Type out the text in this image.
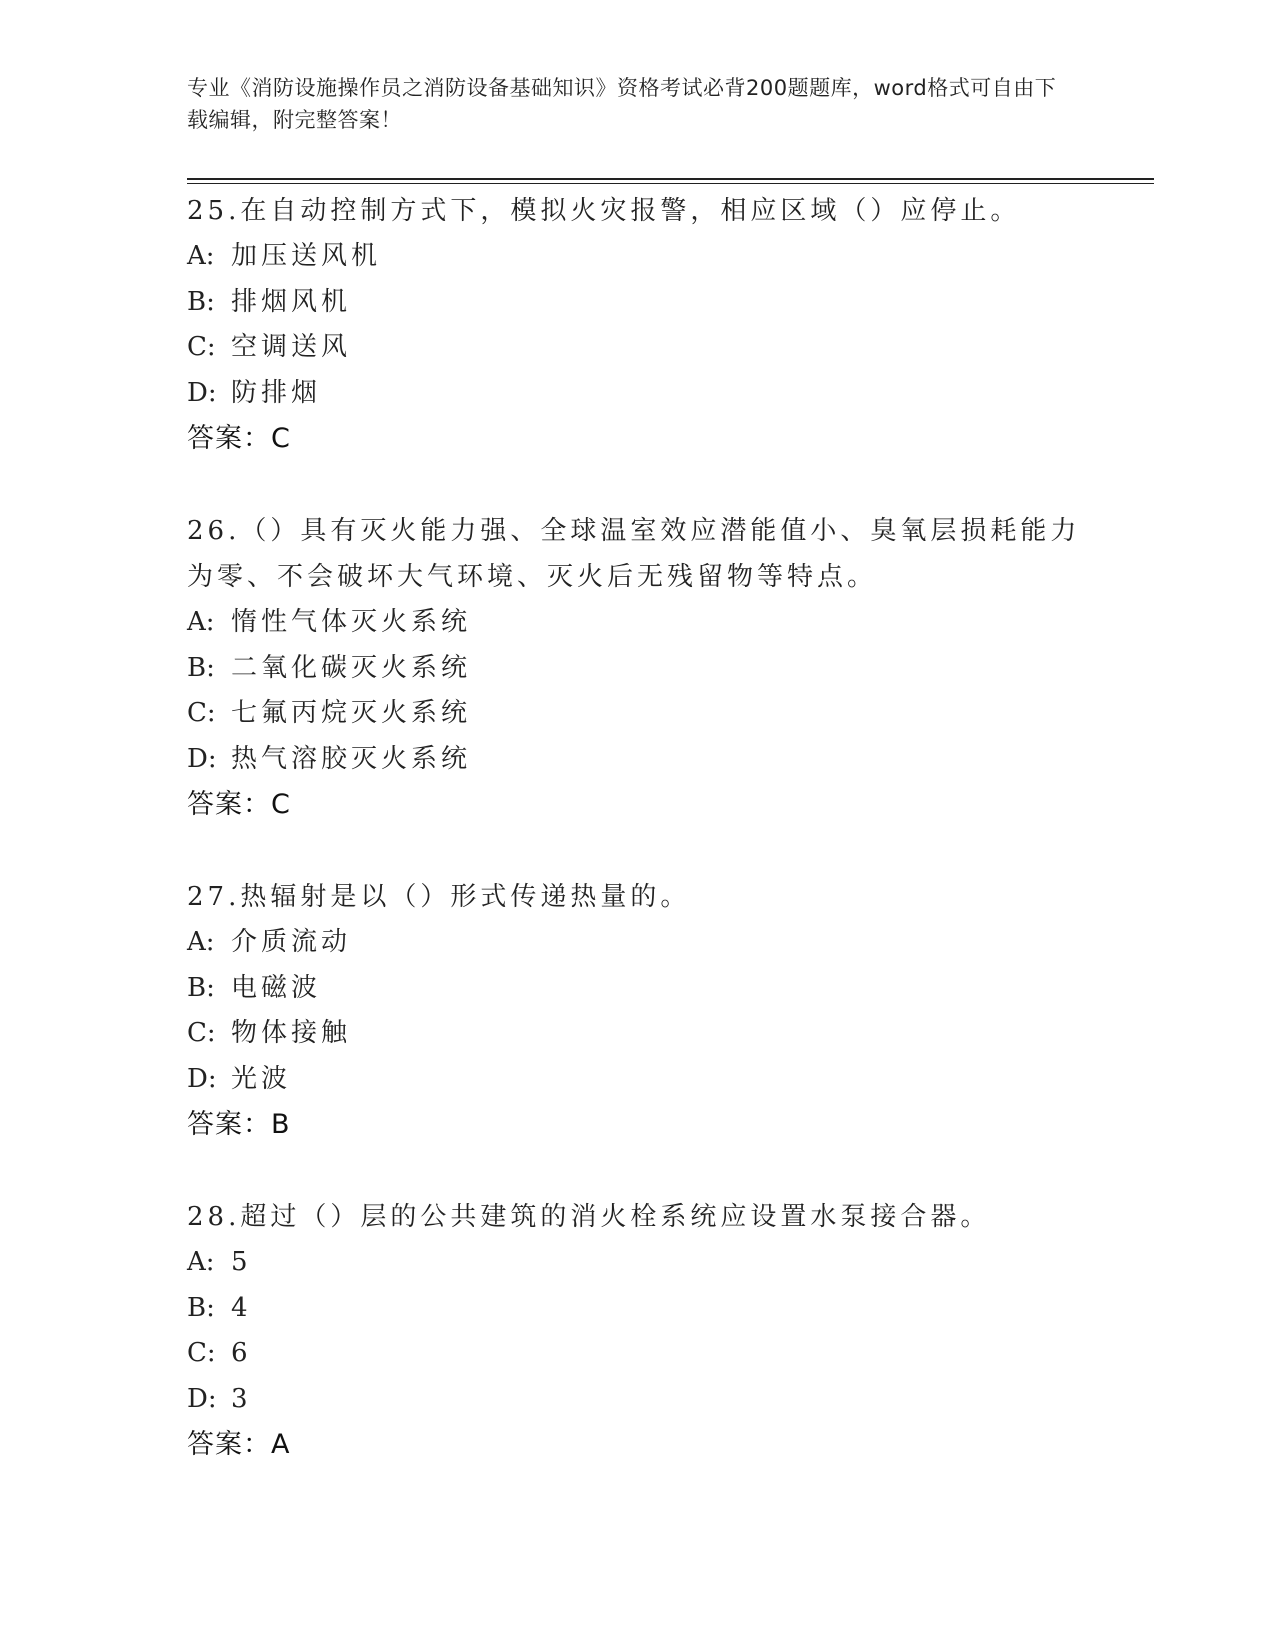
专业《消防设施操作员之消防设备基础知识》资格考试必背200题题库，word格式可自由下载编辑，附完整答案！
25.在自动控制方式下，模拟火灾报警，相应区域（）应停止。
A: 加压送风机
B: 排烟风机
C: 空调送风
D: 防排烟
答案：C
26.（）具有灭火能力强、全球温室效应潜能值小、臭氧层损耗能力为零、不会破坏大气环境、灭火后无残留物等特点。
A: 惰性气体灭火系统
B: 二氧化碳灭火系统
C: 七氟丙烷灭火系统
D: 热气溶胶灭火系统
答案：C
27.热辐射是以（）形式传递热量的。
A: 介质流动
B: 电磁波
C: 物体接触
D: 光波
答案：B
28.超过（）层的公共建筑的消火栓系统应设置水泵接合器。
A: 5
B: 4
C: 6
D: 3
答案：A
